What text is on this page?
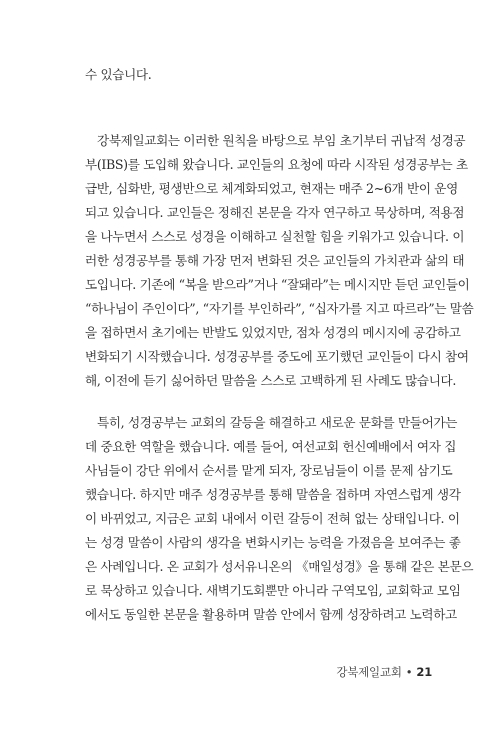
수 있습니다.
강북제일교회는 이러한 원칙을 바탕으로 부임 초기부터 귀납적 성경공
부(IBS)를 도입해 왔습니다. 교인들의 요청에 따라 시작된 성경공부는 초
급반, 심화반, 평생반으로 체계화되었고, 현재는 매주 2~6개 반이 운영
되고 있습니다. 교인들은 정해진 본문을 각자 연구하고 묵상하며, 적용점
을 나누면서 스스로 성경을 이해하고 실천할 힘을 키워가고 있습니다. 이
러한 성경공부를 통해 가장 먼저 변화된 것은 교인들의 가치관과 삶의 태
도입니다. 기존에 “복을 받으라”거나 “잘돼라”는 메시지만 듣던 교인들이
“하나님이 주인이다”, “자기를 부인하라”, “십자가를 지고 따르라”는 말씀
을 접하면서 초기에는 반발도 있었지만, 점차 성경의 메시지에 공감하고
변화되기 시작했습니다. 성경공부를 중도에 포기했던 교인들이 다시 참여
해, 이전에 듣기 싫어하던 말씀을 스스로 고백하게 된 사례도 많습니다.
특히, 성경공부는 교회의 갈등을 해결하고 새로운 문화를 만들어가는
데 중요한 역할을 했습니다. 예를 들어, 여선교회 헌신예배에서 여자 집
사님들이 강단 위에서 순서를 맡게 되자, 장로님들이 이를 문제 삼기도
했습니다. 하지만 매주 성경공부를 통해 말씀을 접하며 자연스럽게 생각
이 바뀌었고, 지금은 교회 내에서 이런 갈등이 전혀 없는 상태입니다. 이
는 성경 말씀이 사람의 생각을 변화시키는 능력을 가졌음을 보여주는 좋
은 사례입니다. 온 교회가 성서유니온의 《매일성경》을 통해 같은 본문으
로 묵상하고 있습니다. 새벽기도회뿐만 아니라 구역모임, 교회학교 모임
에서도 동일한 본문을 활용하며 말씀 안에서 함께 성장하려고 노력하고
강북제일교회 • 21
